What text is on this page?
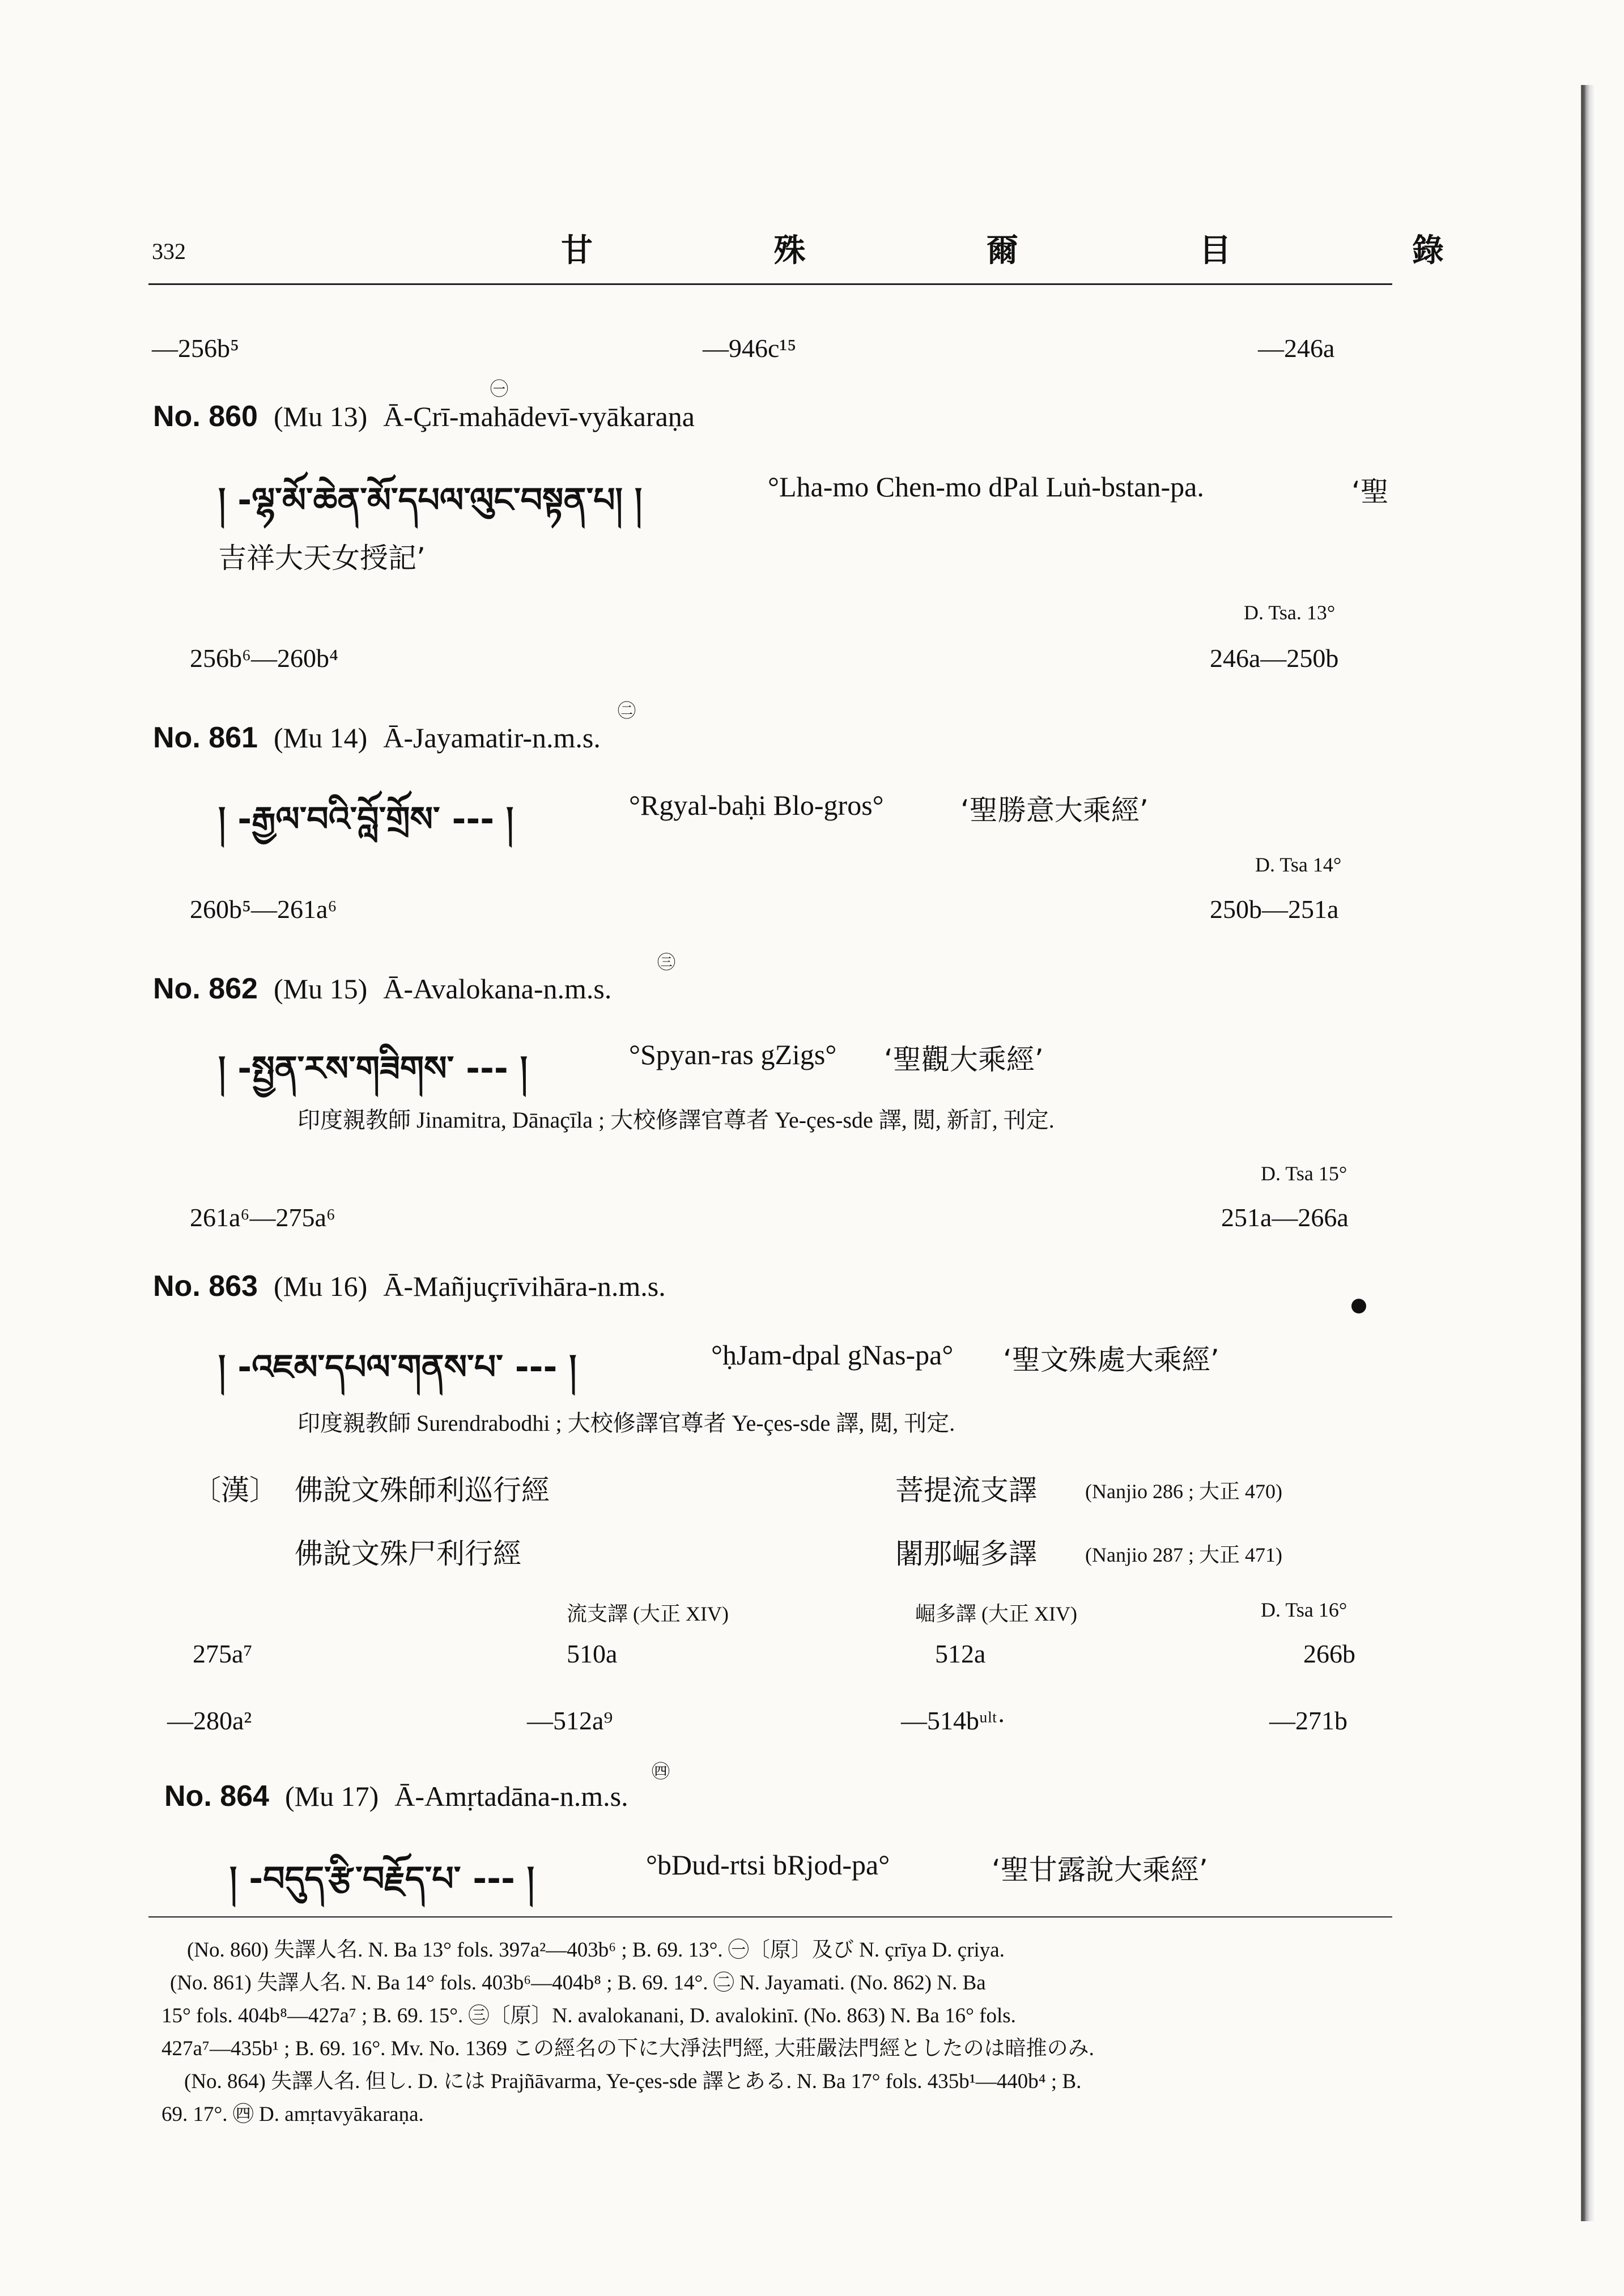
332	甘 殊 爾 目 錄
—256b⁵	—946c¹⁵	—246a
㊀
No. 860 (Mu 13) Ā-Çrī-mahādevī-vyākaraṇa
། -ལྷ་མོ་ཆེན་མོ་དཔལ་ལུང་བསྟན་པ། །	°Lha-mo Chen-mo dPal Luṅ-bstan-pa.	‘聖
吉祥大天女授記’
D. Tsa. 13°
256b⁶—260b⁴	246a—250b
㊁
No. 861 (Mu 14) Ā-Jayamatir-n.m.s.
། -རྒྱལ་བའི་བློ་གྲོས་ --- །	°Rgyal-baḥi Blo-gros°	‘聖勝意大乘經’
D. Tsa 14°
260b⁵—261a⁶	250b—251a
㊂
No. 862 (Mu 15) Ā-Avalokana-n.m.s.
། -སྤྱན་རས་གཟིགས་ --- །	°Spyan-ras gZigs° ‘聖觀大乘經’
印度親教師 Jinamitra, Dānaçīla ; 大校修譯官尊者 Ye-çes-sde 譯, 閲, 新訂, 刊定.
D. Tsa 15°
261a⁶—275a⁶	251a—266a
No. 863 (Mu 16) Ā-Mañjuçrīvihāra-n.m.s.
། -འཇམ་དཔལ་གནས་པ་ --- །	°ḥJam-dpal gNas-pa° ‘聖文殊處大乘經’
印度親教師 Surendrabodhi ; 大校修譯官尊者 Ye-çes-sde 譯, 閲, 刊定.
〔漢〕 佛說文殊師利巡行經	菩提流支譯 (Nanjio 286 ; 大正 470)
佛說文殊尸利行經	闍那崛多譯 (Nanjio 287 ; 大正 471)
流支譯 (大正 XIV)	崛多譯 (大正 XIV)	D. Tsa 16°
275a⁷	510a	512a	266b
—280a²	—512a⁹	—514bᵘˡᵗ·	—271b
㊃
No. 864 (Mu 17) Ā-Amṛtadāna-n.m.s.
། -བདུད་རྩི་བརྗོད་པ་ --- །	°bDud-rtsi bRjod-pa°	‘聖甘露說大乘經’
(No. 860) 失譯人名. N. Ba 13° fols. 397a²—403b⁶ ; B. 69. 13°. ㊀〔原〕及び N. çrīya D. çriya.
(No. 861) 失譯人名. N. Ba 14° fols. 403b⁶—404b⁸ ; B. 69. 14°. ㊁ N. Jayamati. (No. 862) N. Ba
15° fols. 404b⁸—427a⁷ ; B. 69. 15°. ㊂〔原〕N. avalokanani, D. avalokinī. (No. 863) N. Ba 16° fols.
427a⁷—435b¹ ; B. 69. 16°. Mv. No. 1369 この經名の下に大淨法門經, 大莊嚴法門經としたのは暗推のみ.
(No. 864) 失譯人名. 但し. D. には Prajñāvarma, Ye-çes-sde 譯とある. N. Ba 17° fols. 435b¹—440b⁴ ; B.
69. 17°. ㊃ D. amṛtavyākaraṇa.
